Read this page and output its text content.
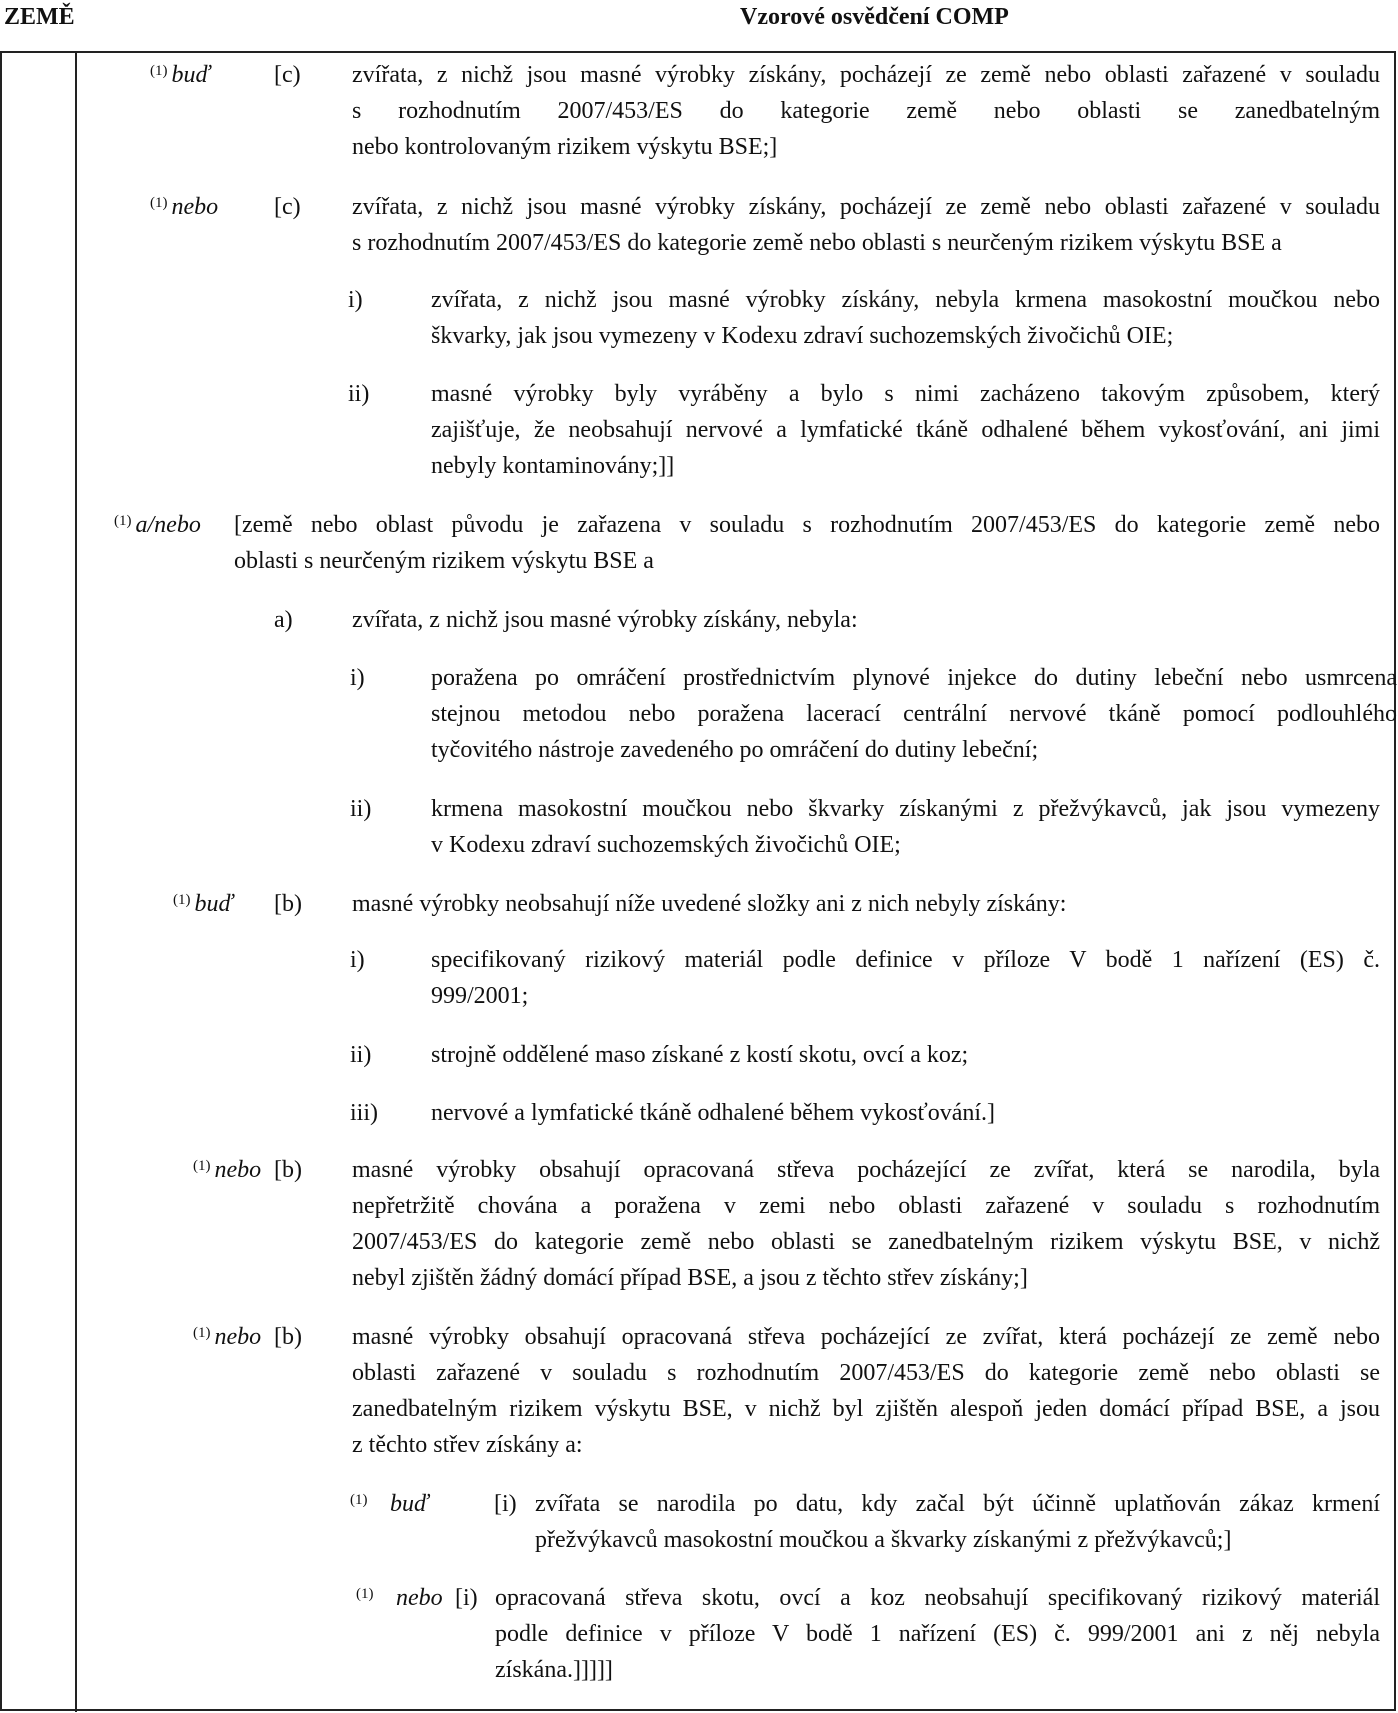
ZEMĚ	Vzorové osvědčení COMP
$^{(1)}$ buď	[c) zvířata, z nichž jsou masné výrobky získány, pocházejí ze země nebo oblasti zařazené v souladu
s rozhodnutím 2007/453/ES do kategorie země nebo oblasti se zanedbatelným
nebo kontrolovaným rizikem výskytu BSE;]
$^{(1)}$ nebo [c) zvířata, z nichž jsou masné výrobky získány, pocházejí ze země nebo oblasti zařazené v souladu
s rozhodnutím 2007/453/ES do kategorie země nebo oblasti s neurčeným rizikem výskytu BSE a
i)	zvířata, z nichž jsou masné výrobky získány, nebyla krmena masokostní moučkou nebo
škvarky, jak jsou vymezeny v Kodexu zdraví suchozemských živočichů OIE;
ii)	masné výrobky byly vyráběny a bylo s nimi zacházeno takovým způsobem, který
zajišťuje, že neobsahují nervové a lymfatické tkáně odhalené během vykosťování, ani jimi
nebyly kontaminovány;]]
$^{(1)}$ a/nebo [země nebo oblast původu je zařazena v souladu s rozhodnutím 2007/453/ES do kategorie země nebo
oblasti s neurčeným rizikem výskytu BSE a
a) zvířata, z nichž jsou masné výrobky získány, nebyla:
i)	poražena po omráčení prostřednictvím plynové injekce do dutiny lebeční nebo usmrcena
stejnou metodou nebo poražena lacerací centrální nervové tkáně pomocí podlouhlého
tyčovitého nástroje zavedeného po omráčení do dutiny lebeční;
ii) krmena masokostní moučkou nebo škvarky získanými z přežvýkavců, jak jsou vymezeny
v Kodexu zdraví suchozemských živočichů OIE;
$^{(1)}$ buď [b) masné výrobky neobsahují níže uvedené složky ani z nich nebyly získány:
i)	specifikovaný rizikový materiál podle definice v příloze V bodě 1 nařízení (ES) č.
999/2001;
ii) strojně oddělené maso získané z kostí skotu, ovcí a koz;
iii) nervové a lymfatické tkáně odhalené během vykosťování.]
$^{(1)}$ nebo [b) masné výrobky obsahují opracovaná střeva pocházející ze zvířat, která se narodila, byla
nepřetržitě chována a poražena v zemi nebo oblasti zařazené v souladu s rozhodnutím
2007/453/ES do kategorie země nebo oblasti se zanedbatelným rizikem výskytu BSE, v nichž
nebyl zjištěn žádný domácí případ BSE, a jsou z těchto střev získány;]
$^{(1)}$ nebo [b) masné výrobky obsahují opracovaná střeva pocházející ze zvířat, která pocházejí ze země nebo
oblasti zařazené v souladu s rozhodnutím 2007/453/ES do kategorie země nebo oblasti se
zanedbatelným rizikem výskytu BSE, v nichž byl zjištěn alespoň jeden domácí případ BSE, a jsou
z těchto střev získány a:
$^{(1)}$ buď	[i) zvířata se narodila po datu, kdy začal být účinně uplatňován zákaz krmení
přežvýkavců masokostní moučkou a škvarky získanými z přežvýkavců;]
$^{(1)}$ nebo [i) opracovaná střeva skotu, ovcí a koz neobsahují specifikovaný rizikový materiál
podle definice v příloze V bodě 1 nařízení (ES) č. 999/2001 ani z něj nebyla
získána.]]]]]
